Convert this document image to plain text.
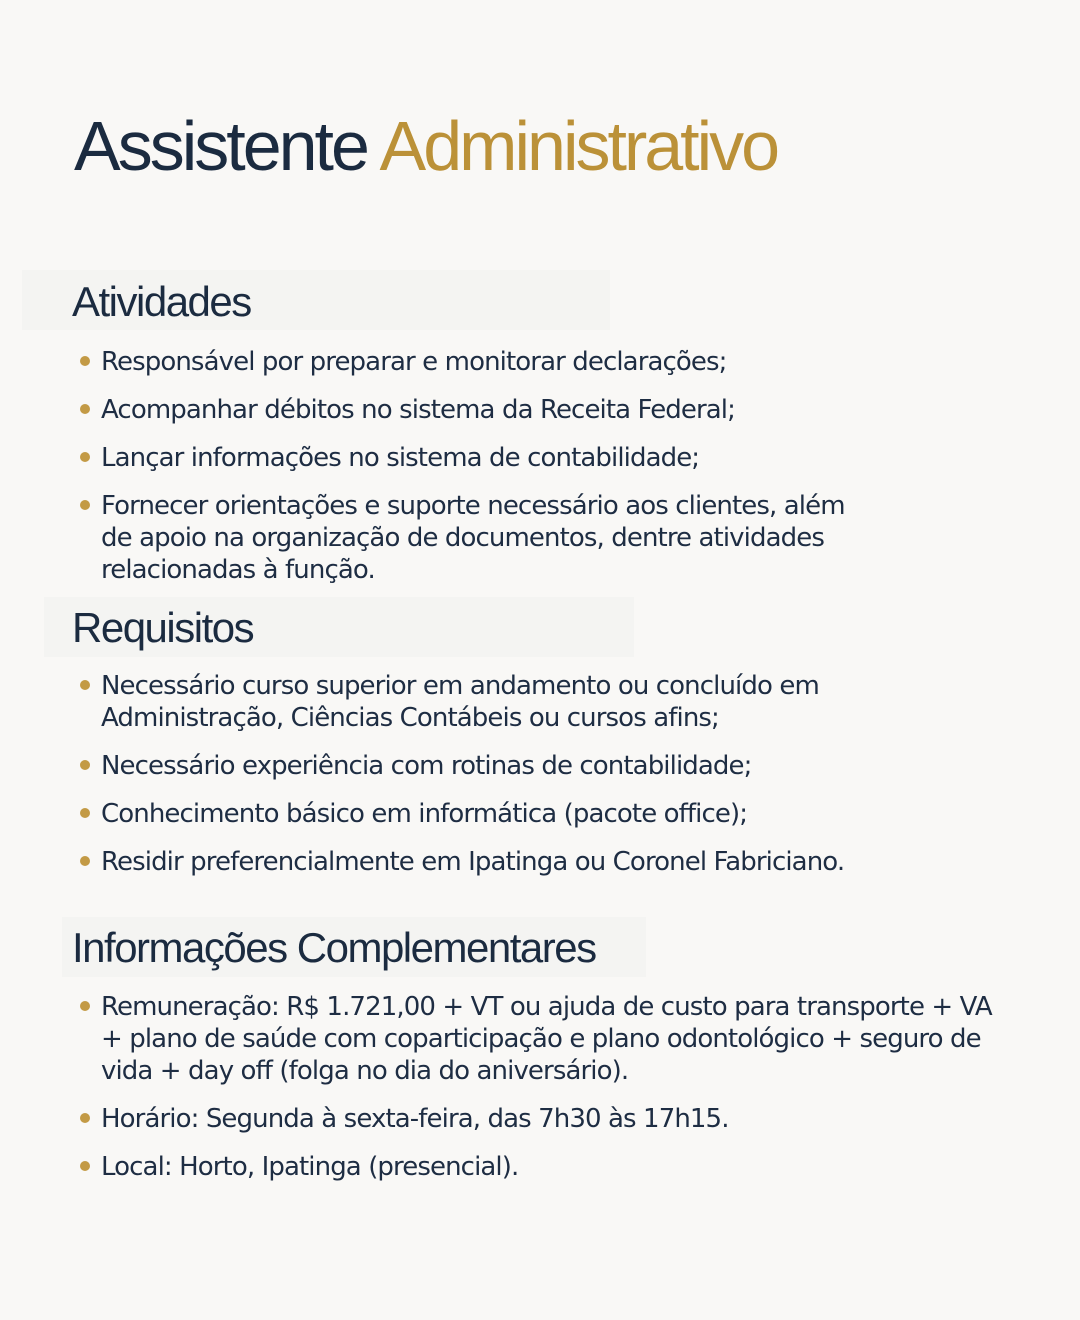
Assistente Administrativo
Atividades
Responsável por preparar e monitorar declarações;
Acompanhar débitos no sistema da Receita Federal;
Lançar informações no sistema de contabilidade;
Fornecer orientações e suporte necessário aos clientes, além de apoio na organização de documentos, dentre atividades relacionadas à função.
Requisitos
Necessário curso superior em andamento ou concluído em Administração, Ciências Contábeis ou cursos afins;
Necessário experiência com rotinas de contabilidade;
Conhecimento básico em informática (pacote office);
Residir preferencialmente em Ipatinga ou Coronel Fabriciano.
Informações Complementares
Remuneração: R$ 1.721,00 + VT ou ajuda de custo para transporte + VA + plano de saúde com coparticipação e plano odontológico + seguro de vida + day off (folga no dia do aniversário).
Horário: Segunda à sexta-feira, das 7h30 às 17h15.
Local: Horto, Ipatinga (presencial).
